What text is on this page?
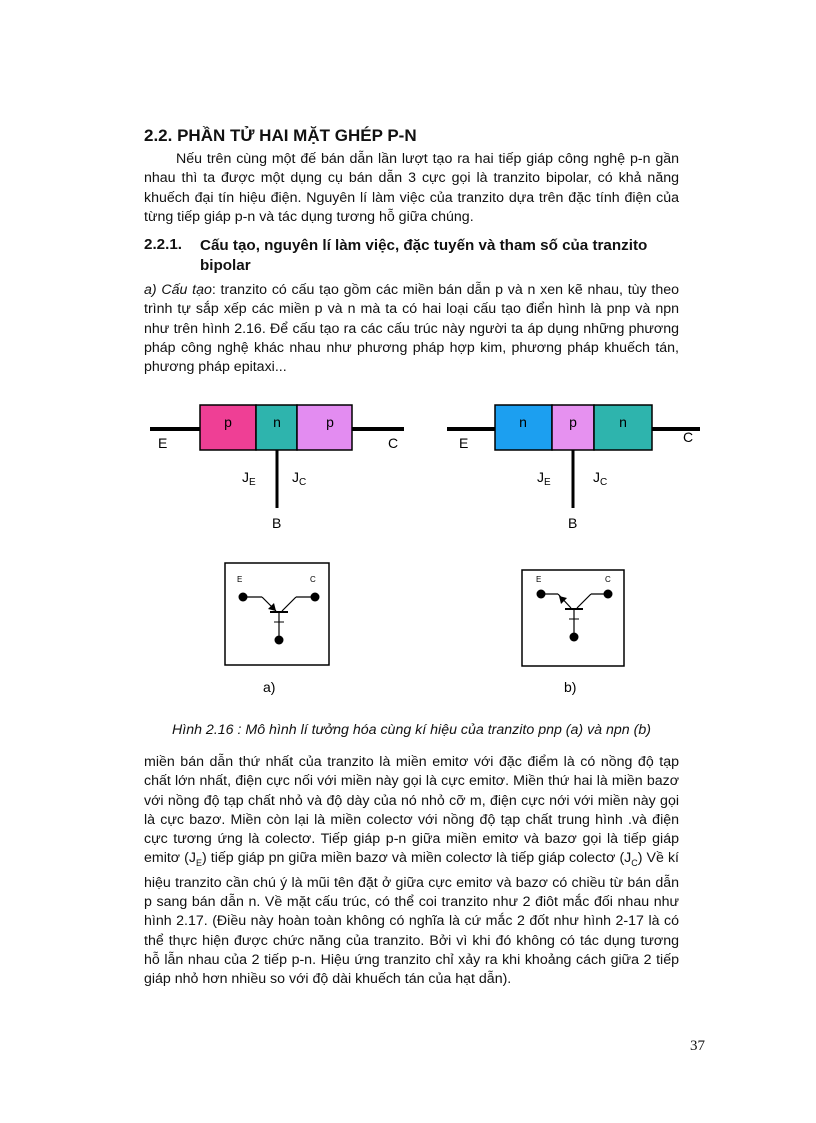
2.2. PHẦN TỬ HAI MẶT GHÉP P-N

Nếu trên cùng một đế bán dẫn lần lượt tạo ra hai tiếp giáp công nghệ p-n gần nhau thì ta được một dụng cụ bán dẫn 3 cực gọi là tranzito bipolar, có khả năng khuếch đại tín hiệu điện. Nguyên lí làm việc của tranzito dựa trên đặc tính điện của từng tiếp giáp p-n và tác dụng tương hỗ giữa chúng.

2.2.1. Cấu tạo, nguyên lí làm việc, đặc tuyến và tham số của tranzito bipolar

a) Cấu tạo: tranzito có cấu tạo gồm các miền bán dẫn p và n xen kẽ nhau, tùy theo trình tự sắp xếp các miền p và n mà ta có hai loại cấu tạo điển hình là pnp và npn như trên hình 2.16. Để cấu tạo ra các cấu trúc này người ta áp dụng những phương pháp công nghệ khác nhau như phương pháp hợp kim, phương pháp khuếch tán, phương pháp epitaxi...

p	n	p
E	C
B
$J_E$	$J_C$
n	p	n
E	C
B
$J_E$	$J_C$
E	C	E	C
a)	b)

Hình 2.16 : Mô hình lí tưởng hóa cùng kí hiệu của tranzito pnp (a) và npn (b)

miền bán dẫn thứ nhất của tranzito là miền emitơ với đặc điểm là có nồng độ tạp chất lớn nhất, điện cực nối với miền này gọi là cực emitơ. Miền thứ hai là miền bazơ với nồng độ tạp chất nhỏ và độ dày của nó nhỏ cỡ m, điện cực nới với miền này gọi là cực bazơ. Miền còn lại là miền colectơ với nồng độ tạp chất trung hình .và điện cực tương ứng là colectơ. Tiếp giáp p-n giữa miền emitơ và bazơ gọi là tiếp giáp emitơ $(J_E)$ tiếp giáp pn giữa miền bazơ và miền colectơ là tiếp giáp colectơ $(J_C)$ Về kí hiệu tranzito cần chú ý là mũi tên đặt ở giữa cực emitơ và bazơ có chiều từ bán dẫn p sang bán dẫn n. Về mặt cấu trúc, có thể coi tranzito như 2 điôt mắc đối nhau như hình 2.17. (Điều này hoàn toàn không có nghĩa là cứ mắc 2 đốt như hình 2-17 là có thể thực hiện được chức năng của tranzito. Bởi vì khi đó không có tác dụng tương hỗ lẫn nhau của 2 tiếp p-n. Hiệu ứng tranzito chỉ xảy ra khi khoảng cách giữa 2 tiếp giáp nhỏ hơn nhiều so với độ dài khuếch tán của hạt dẫn).

37
